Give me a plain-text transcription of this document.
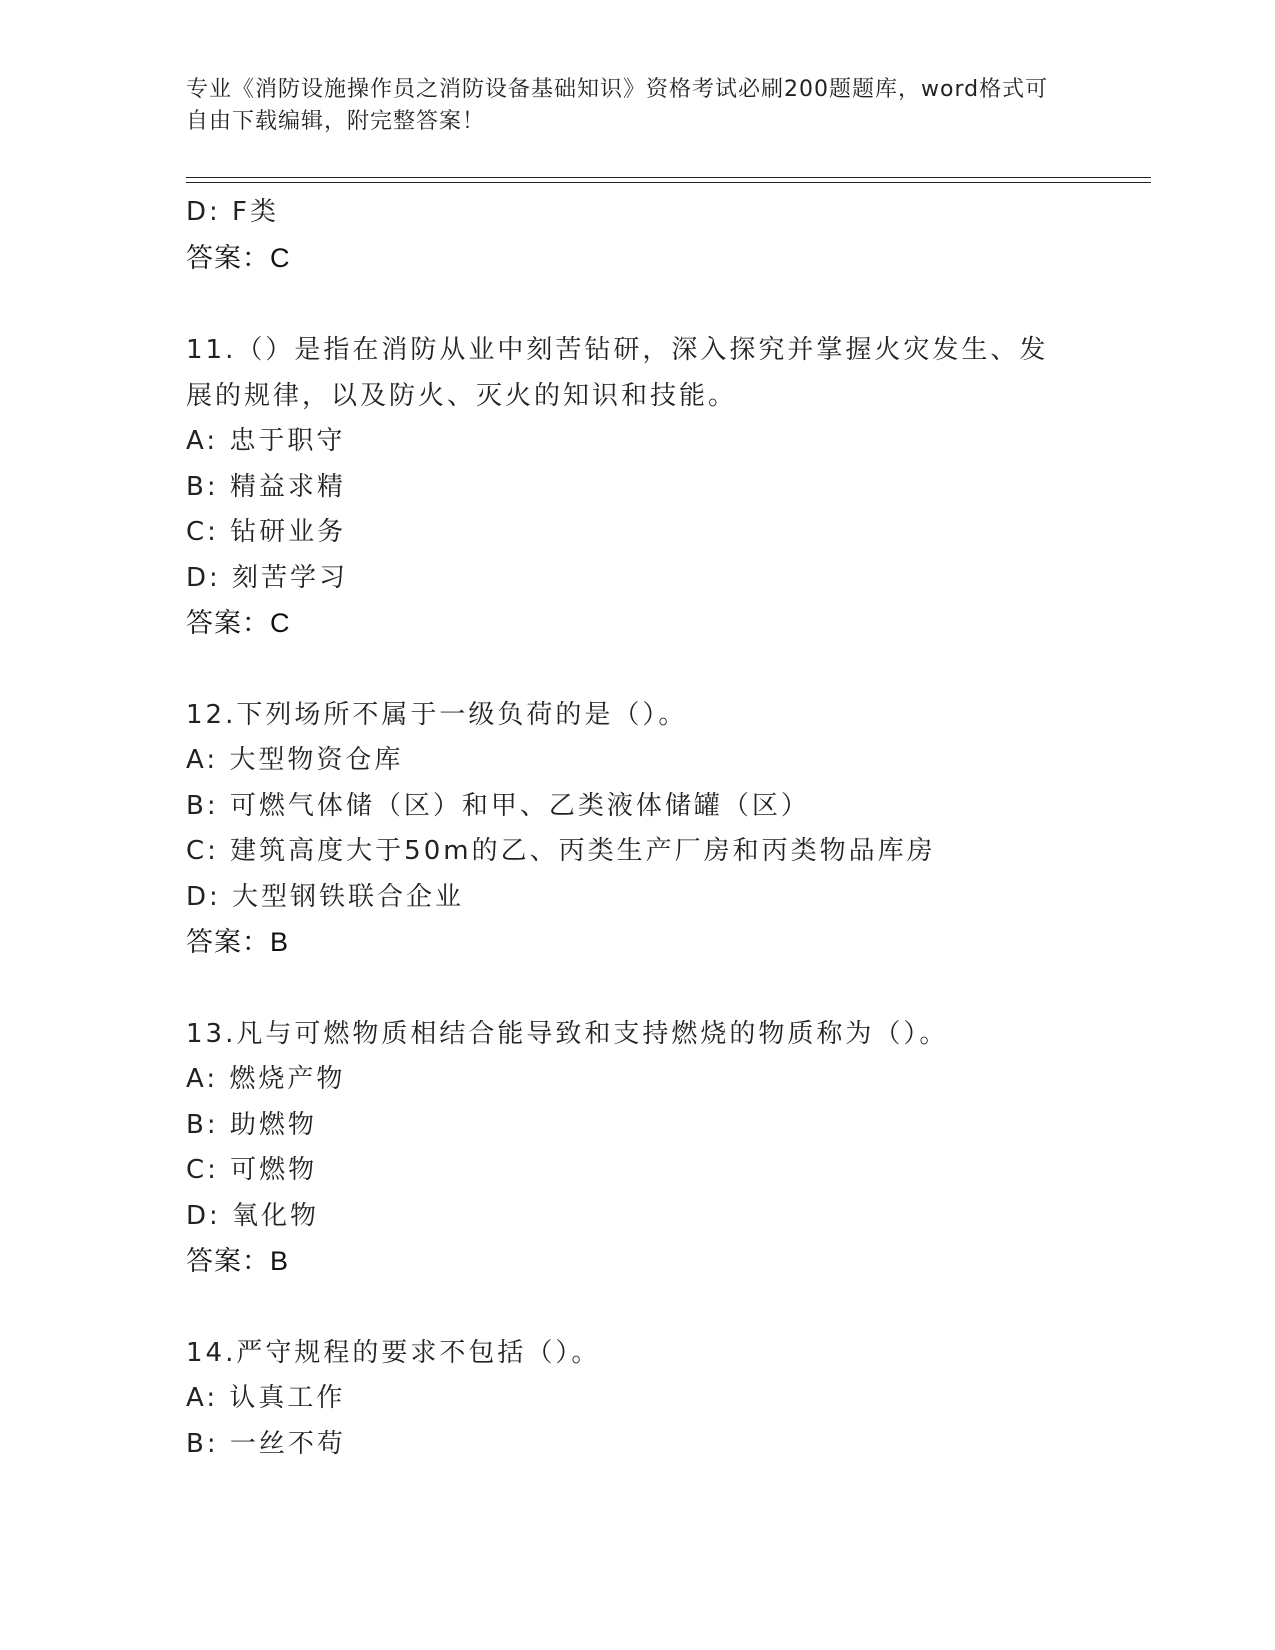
专业《消防设施操作员之消防设备基础知识》资格考试必刷200题题库，word格式可自由下载编辑，附完整答案！
D: F类
答案：C
11.（）是指在消防从业中刻苦钻研，深入探究并掌握火灾发生、发展的规律，以及防火、灭火的知识和技能。
A: 忠于职守
B: 精益求精
C: 钻研业务
D: 刻苦学习
答案：C
12.下列场所不属于一级负荷的是（）。
A: 大型物资仓库
B: 可燃气体储（区）和甲、乙类液体储罐（区）
C: 建筑高度大于50m的乙、丙类生产厂房和丙类物品库房
D: 大型钢铁联合企业
答案：B
13.凡与可燃物质相结合能导致和支持燃烧的物质称为（）。
A: 燃烧产物
B: 助燃物
C: 可燃物
D: 氧化物
答案：B
14.严守规程的要求不包括（）。
A: 认真工作
B: 一丝不苟
